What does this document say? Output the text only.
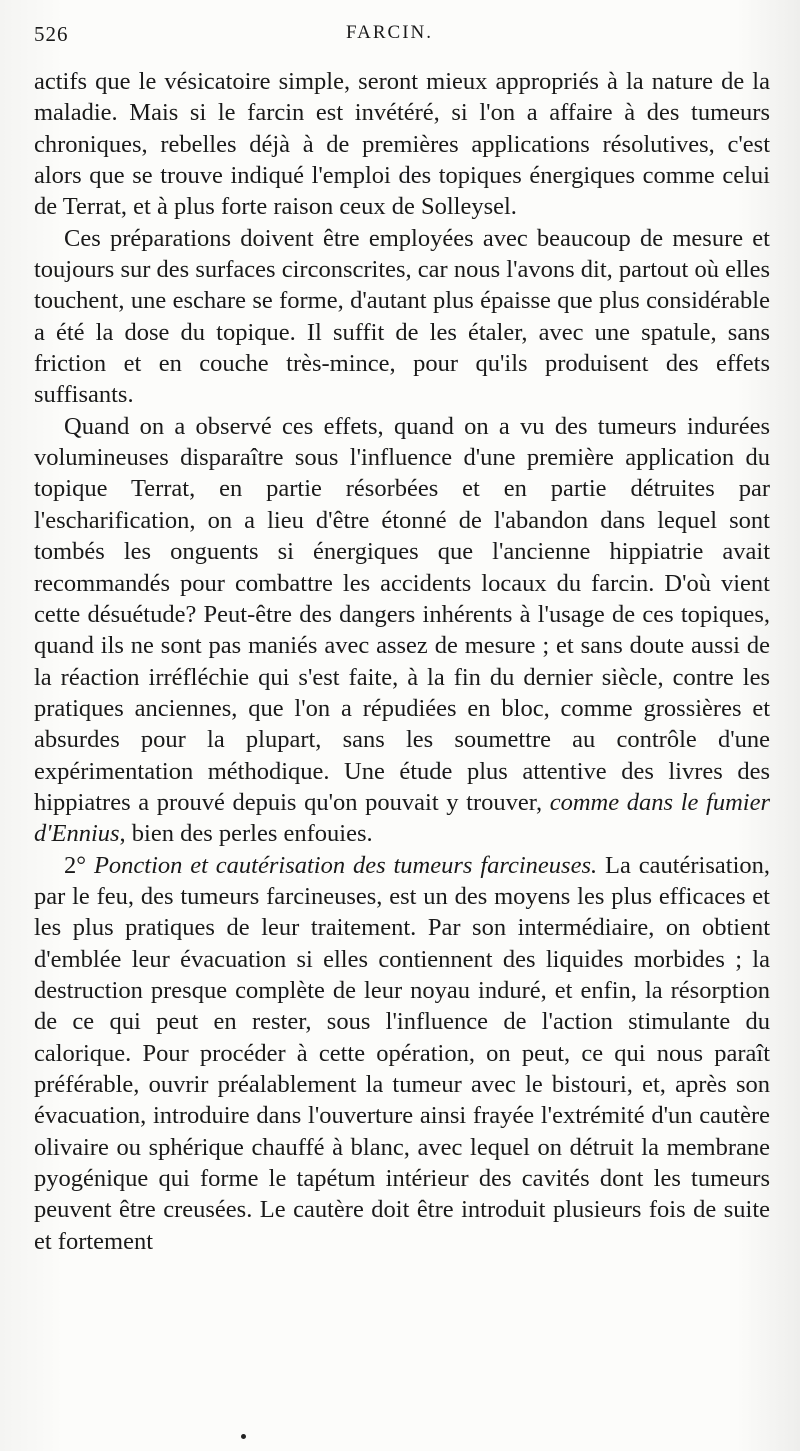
526	FARCIN.

actifs que le vésicatoire simple, seront mieux appropriés à la nature de la maladie. Mais si le farcin est invétéré, si l'on a affaire à des tumeurs chroniques, rebelles déjà à de premières applications résolutives, c'est alors que se trouve indiqué l'emploi des topiques énergiques comme celui de Terrat, et à plus forte raison ceux de Solleysel.

Ces préparations doivent être employées avec beaucoup de mesure et toujours sur des surfaces circonscrites, car nous l'avons dit, partout où elles touchent, une eschare se forme, d'autant plus épaisse que plus considérable a été la dose du topique. Il suffit de les étaler, avec une spatule, sans friction et en couche très-mince, pour qu'ils produisent des effets suffisants.

Quand on a observé ces effets, quand on a vu des tumeurs indurées volumineuses disparaître sous l'influence d'une première application du topique Terrat, en partie résorbées et en partie détruites par l'escharification, on a lieu d'être étonné de l'abandon dans lequel sont tombés les onguents si énergiques que l'ancienne hippiatrie avait recommandés pour combattre les accidents locaux du farcin. D'où vient cette désuétude? Peut-être des dangers inhérents à l'usage de ces topiques, quand ils ne sont pas maniés avec assez de mesure ; et sans doute aussi de la réaction irréfléchie qui s'est faite, à la fin du dernier siècle, contre les pratiques anciennes, que l'on a répudiées en bloc, comme grossières et absurdes pour la plupart, sans les soumettre au contrôle d'une expérimentation méthodique. Une étude plus attentive des livres des hippiatres a prouvé depuis qu'on pouvait y trouver, comme dans le fumier d'Ennius, bien des perles enfouies.

2° Ponction et cautérisation des tumeurs farcineuses. La cautérisation, par le feu, des tumeurs farcineuses, est un des moyens les plus efficaces et les plus pratiques de leur traitement. Par son intermédiaire, on obtient d'emblée leur évacuation si elles contiennent des liquides morbides ; la destruction presque complète de leur noyau induré, et enfin, la résorption de ce qui peut en rester, sous l'influence de l'action stimulante du calorique. Pour procéder à cette opération, on peut, ce qui nous paraît préférable, ouvrir préalablement la tumeur avec le bistouri, et, après son évacuation, introduire dans l'ouverture ainsi frayée l'extrémité d'un cautère olivaire ou sphérique chauffé à blanc, avec lequel on détruit la membrane pyogénique qui forme le tapétum intérieur des cavités dont les tumeurs peuvent être creusées. Le cautère doit être introduit plusieurs fois de suite et fortement
